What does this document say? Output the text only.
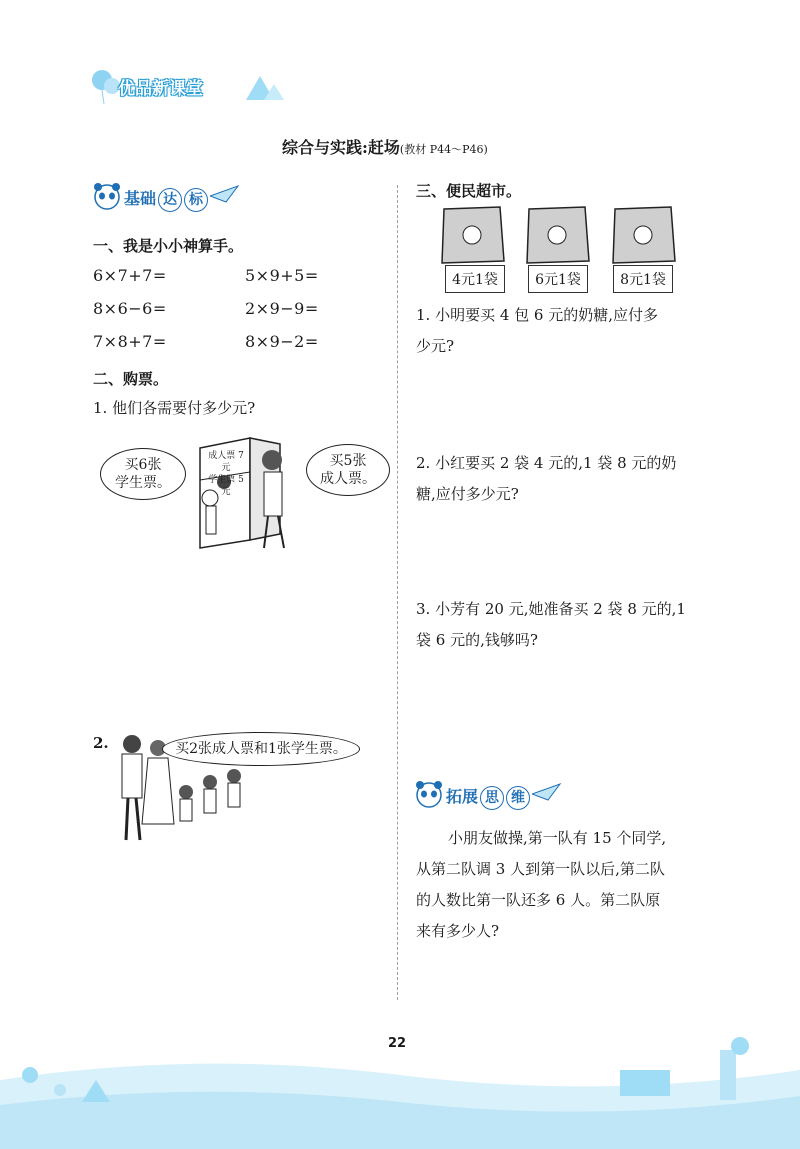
优品新课堂
综合与实践:赶场(教材 P44～P46)
基础 达 标
一、我是小小神算手。
6×7+7=	5×9+5=
8×6−6=	2×9−9=
7×8+7=	8×9−2=
二、购票。
1. 他们各需要付多少元?
成人票 7元
学生票 5元
买6张
学生票。
买5张
成人票。
2.	买2张成人票和1张学生票。
三、便民超市。
4元1袋	6元1袋	8元1袋
1. 小明要买 4 包 6 元的奶糖,应付多
少元?
2. 小红要买 2 袋 4 元的,1 袋 8 元的奶
糖,应付多少元?
3. 小芳有 20 元,她准备买 2 袋 8 元的,1
袋 6 元的,钱够吗?
拓展 思 维
小朋友做操,第一队有 15 个同学,
从第二队调 3 人到第一队以后,第二队
的人数比第一队还多 6 人。第二队原
来有多少人?
22
